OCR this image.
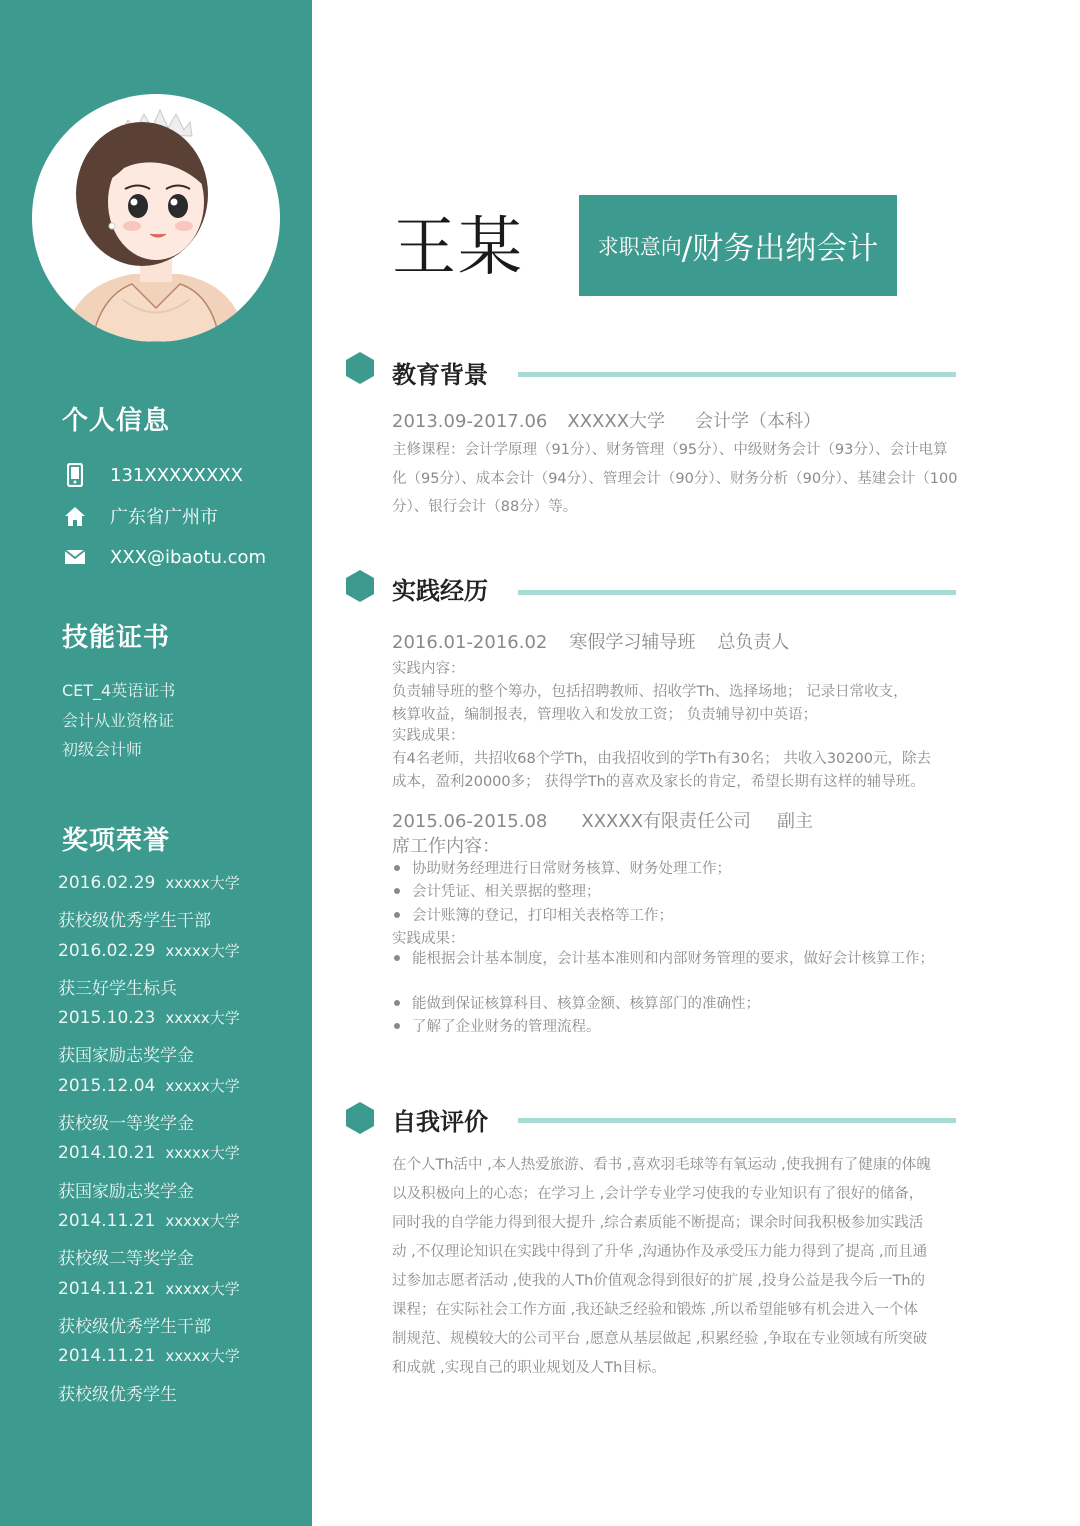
个人信息
131XXXXXXXX
广东省广州市
XXX@ibaotu.com
技能证书
CET_4英语证书
会计从业资格证
初级会计师
奖项荣誉
2016.02.29 xxxxx大学
获校级优秀学生干部
2016.02.29 xxxxx大学
获三好学生标兵
2015.10.23 xxxxx大学
获国家励志奖学金
2015.12.04 xxxxx大学
获校级一等奖学金
2014.10.21 xxxxx大学
获国家励志奖学金
2014.11.21 xxxxx大学
获校级二等奖学金
2014.11.21 xxxxx大学
获校级优秀学生干部
2014.11.21 xxxxx大学
获校级优秀学生
王某	求职意向 /财务出纳会计
教育背景
2013.09-2017.06 XXXXX大学 会计学（本科）
主修课程：会计学原理（91分）、财务管理（95分）、中级财务会计（93分）、会计电算化（95分）、成本会计（94分）、管理会计（90分）、财务分析（90分）、基建会计（100分）、银行会计（88分）等。
实践经历
2016.01-2016.02 寒假学习辅导班 总负责人
实践内容：
负责辅导班的整个筹办，包括招聘教师、招收学Th、选择场地； 记录日常收支，
核算收益，编制报表，管理收入和发放工资； 负责辅导初中英语；
实践成果：
有4名老师，共招收68个学Th，由我招收到的学Th有30名； 共收入30200元，除去
成本，盈利20000多； 获得学Th的喜欢及家长的肯定，希望长期有这样的辅导班。
2015.06-2015.08 XXXXX有限责任公司 副主
席工作内容：
协助财务经理进行日常财务核算、财务处理工作；
会计凭证、相关票据的整理；
会计账簿的登记，打印相关表格等工作；
实践成果：
能根据会计基本制度，会计基本准则和内部财务管理的要求，做好会计核算工作；
能做到保证核算科目、核算金额、核算部门的准确性；
了解了企业财务的管理流程。
自我评价
在个人Th活中 ,本人热爱旅游、看书 ,喜欢羽毛球等有氧运动 ,使我拥有了健康的体魄
以及积极向上的心态；在学习上 ,会计学专业学习使我的专业知识有了很好的储备，
同时我的自学能力得到很大提升 ,综合素质能不断提高；课余时间我积极参加实践活
动 ,不仅理论知识在实践中得到了升华 ,沟通协作及承受压力能力得到了提高 ,而且通
过参加志愿者活动 ,使我的人Th价值观念得到很好的扩展 ,投身公益是我今后一Th的
课程；在实际社会工作方面 ,我还缺乏经验和锻炼 ,所以希望能够有机会进入一个体
制规范、规模较大的公司平台 ,愿意从基层做起 ,积累经验 ,争取在专业领域有所突破
和成就 ,实现自己的职业规划及人Th目标。
